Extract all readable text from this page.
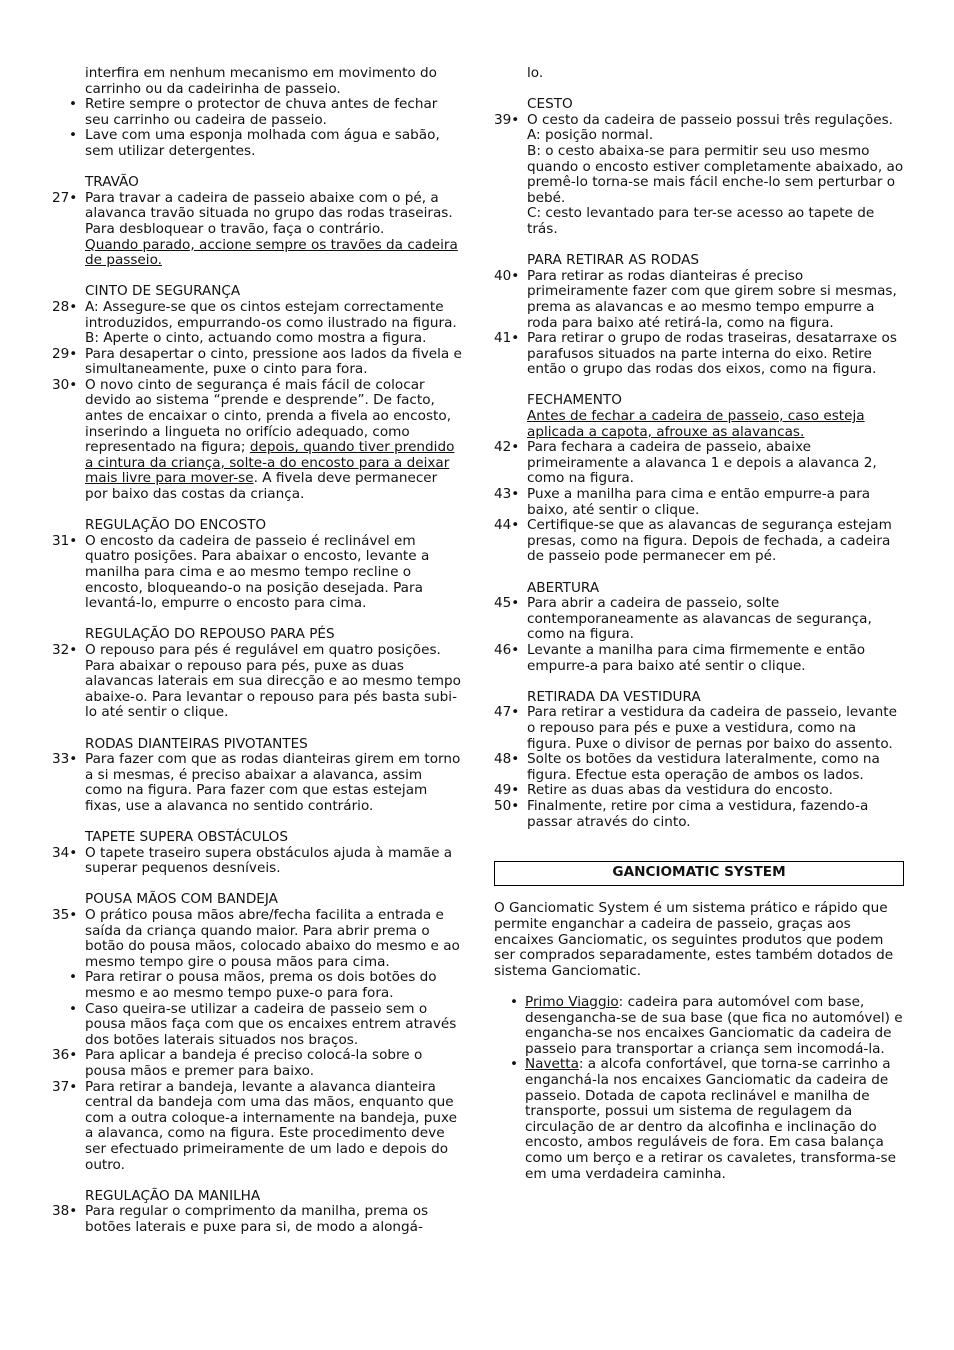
interfira em nenhum mecanismo em movimento do carrinho ou da cadeirinha de passeio.
• Retire sempre o protector de chuva antes de fechar seu carrinho ou cadeira de passeio.
• Lave com uma esponja molhada com água e sabão, sem utilizar detergentes.
TRAVÃO
27• Para travar a cadeira de passeio abaixe com o pé, a alavanca travão situada no grupo das rodas traseiras. Para desbloquear o travão, faça o contrário.
Quando parado, accione sempre os travões da cadeira de passeio.
CINTO DE SEGURANÇA
28• A: Assegure-se que os cintos estejam correctamente introduzidos, empurrando-os como ilustrado na figura. B: Aperte o cinto, actuando como mostra a figura.
29• Para desapertar o cinto, pressione aos lados da fivela e simultaneamente, puxe o cinto para fora.
30• O novo cinto de segurança é mais fácil de colocar devido ao sistema “prende e desprende”. De facto, antes de encaixar o cinto, prenda a fivela ao encosto, inserindo a lingueta no orifício adequado, como representado na figura; depois, quando tiver prendido a cintura da criança, solte-a do encosto para a deixar mais livre para mover-se. A fivela deve permanecer por baixo das costas da criança.
REGULAÇÃO DO ENCOSTO
31• O encosto da cadeira de passeio é reclinável em quatro posições. Para abaixar o encosto, levante a manilha para cima e ao mesmo tempo recline o encosto, bloqueando-o na posição desejada. Para levantá-lo, empurre o encosto para cima.
REGULAÇÃO DO REPOUSO PARA PÉS
32• O repouso para pés é regulável em quatro posições. Para abaixar o repouso para pés, puxe as duas alavancas laterais em sua direcção e ao mesmo tempo abaixe-o. Para levantar o repouso para pés basta subi-lo até sentir o clique.
RODAS DIANTEIRAS PIVOTANTES
33• Para fazer com que as rodas dianteiras girem em torno a si mesmas, é preciso abaixar a alavanca, assim como na figura. Para fazer com que estas estejam fixas, use a alavanca no sentido contrário.
TAPETE SUPERA OBSTÁCULOS
34• O tapete traseiro supera obstáculos ajuda à mamãe a superar pequenos desníveis.
POUSA MÃOS COM BANDEJA
35• O prático pousa mãos abre/fecha facilita a entrada e saída da criança quando maior. Para abrir prema o botão do pousa mãos, colocado abaixo do mesmo e ao mesmo tempo gire o pousa mãos para cima.
• Para retirar o pousa mãos, prema os dois botões do mesmo e ao mesmo tempo puxe-o para fora.
• Caso queira-se utilizar a cadeira de passeio sem o pousa mãos faça com que os encaixes entrem através dos botões laterais situados nos braços.
36• Para aplicar a bandeja é preciso colocá-la sobre o pousa mãos e premer para baixo.
37• Para retirar a bandeja, levante a alavanca dianteira central da bandeja com uma das mãos, enquanto que com a outra coloque-a internamente na bandeja, puxe a alavanca, como na figura. Este procedimento deve ser efectuado primeiramente de um lado e depois do outro.
REGULAÇÃO DA MANILHA
38• Para regular o comprimento da manilha, prema os botões laterais e puxe para si, de modo a alongá-
lo.
CESTO
39• O cesto da cadeira de passeio possui três regulações.
A: posição normal.
B: o cesto abaixa-se para permitir seu uso mesmo quando o encosto estiver completamente abaixado, ao premê-lo torna-se mais fácil enche-lo sem perturbar o bebé.
C: cesto levantado para ter-se acesso ao tapete de trás.
PARA RETIRAR AS RODAS
40• Para retirar as rodas dianteiras é preciso primeiramente fazer com que girem sobre si mesmas, prema as alavancas e ao mesmo tempo empurre a roda para baixo até retirá-la, como na figura.
41• Para retirar o grupo de rodas traseiras, desatarraxe os parafusos situados na parte interna do eixo. Retire então o grupo das rodas dos eixos, como na figura.
FECHAMENTO
Antes de fechar a cadeira de passeio, caso esteja aplicada a capota, afrouxe as alavancas.
42• Para fechara a cadeira de passeio, abaixe primeiramente a alavanca 1 e depois a alavanca 2, como na figura.
43• Puxe a manilha para cima e então empurre-a para baixo, até sentir o clique.
44• Certifique-se que as alavancas de segurança estejam presas, como na figura. Depois de fechada, a cadeira de passeio pode permanecer em pé.
ABERTURA
45• Para abrir a cadeira de passeio, solte contemporaneamente as alavancas de segurança, como na figura.
46• Levante a manilha para cima firmemente e então empurre-a para baixo até sentir o clique.
RETIRADA DA VESTIDURA
47• Para retirar a vestidura da cadeira de passeio, levante o repouso para pés e puxe a vestidura, como na figura. Puxe o divisor de pernas por baixo do assento.
48• Solte os botões da vestidura lateralmente, como na figura. Efectue esta operação de ambos os lados.
49• Retire as duas abas da vestidura do encosto.
50• Finalmente, retire por cima a vestidura, fazendo-a passar através do cinto.
GANCIOMATIC SYSTEM
O Ganciomatic System é um sistema prático e rápido que permite enganchar a cadeira de passeio, graças aos encaixes Ganciomatic, os seguintes produtos que podem ser comprados separadamente, estes também dotados de sistema Ganciomatic.
• Primo Viaggio: cadeira para automóvel com base, desengancha-se de sua base (que fica no automóvel) e engancha-se nos encaixes Ganciomatic da cadeira de passeio para transportar a criança sem incomodá-la.
• Navetta: a alcofa confortável, que torna-se carrinho a enganchá-la nos encaixes Ganciomatic da cadeira de passeio. Dotada de capota reclinável e manilha de transporte, possui um sistema de regulagem da circulação de ar dentro da alcofinha e inclinação do encosto, ambos reguláveis de fora. Em casa balança como um berço e a retirar os cavaletes, transforma-se em uma verdadeira caminha.
